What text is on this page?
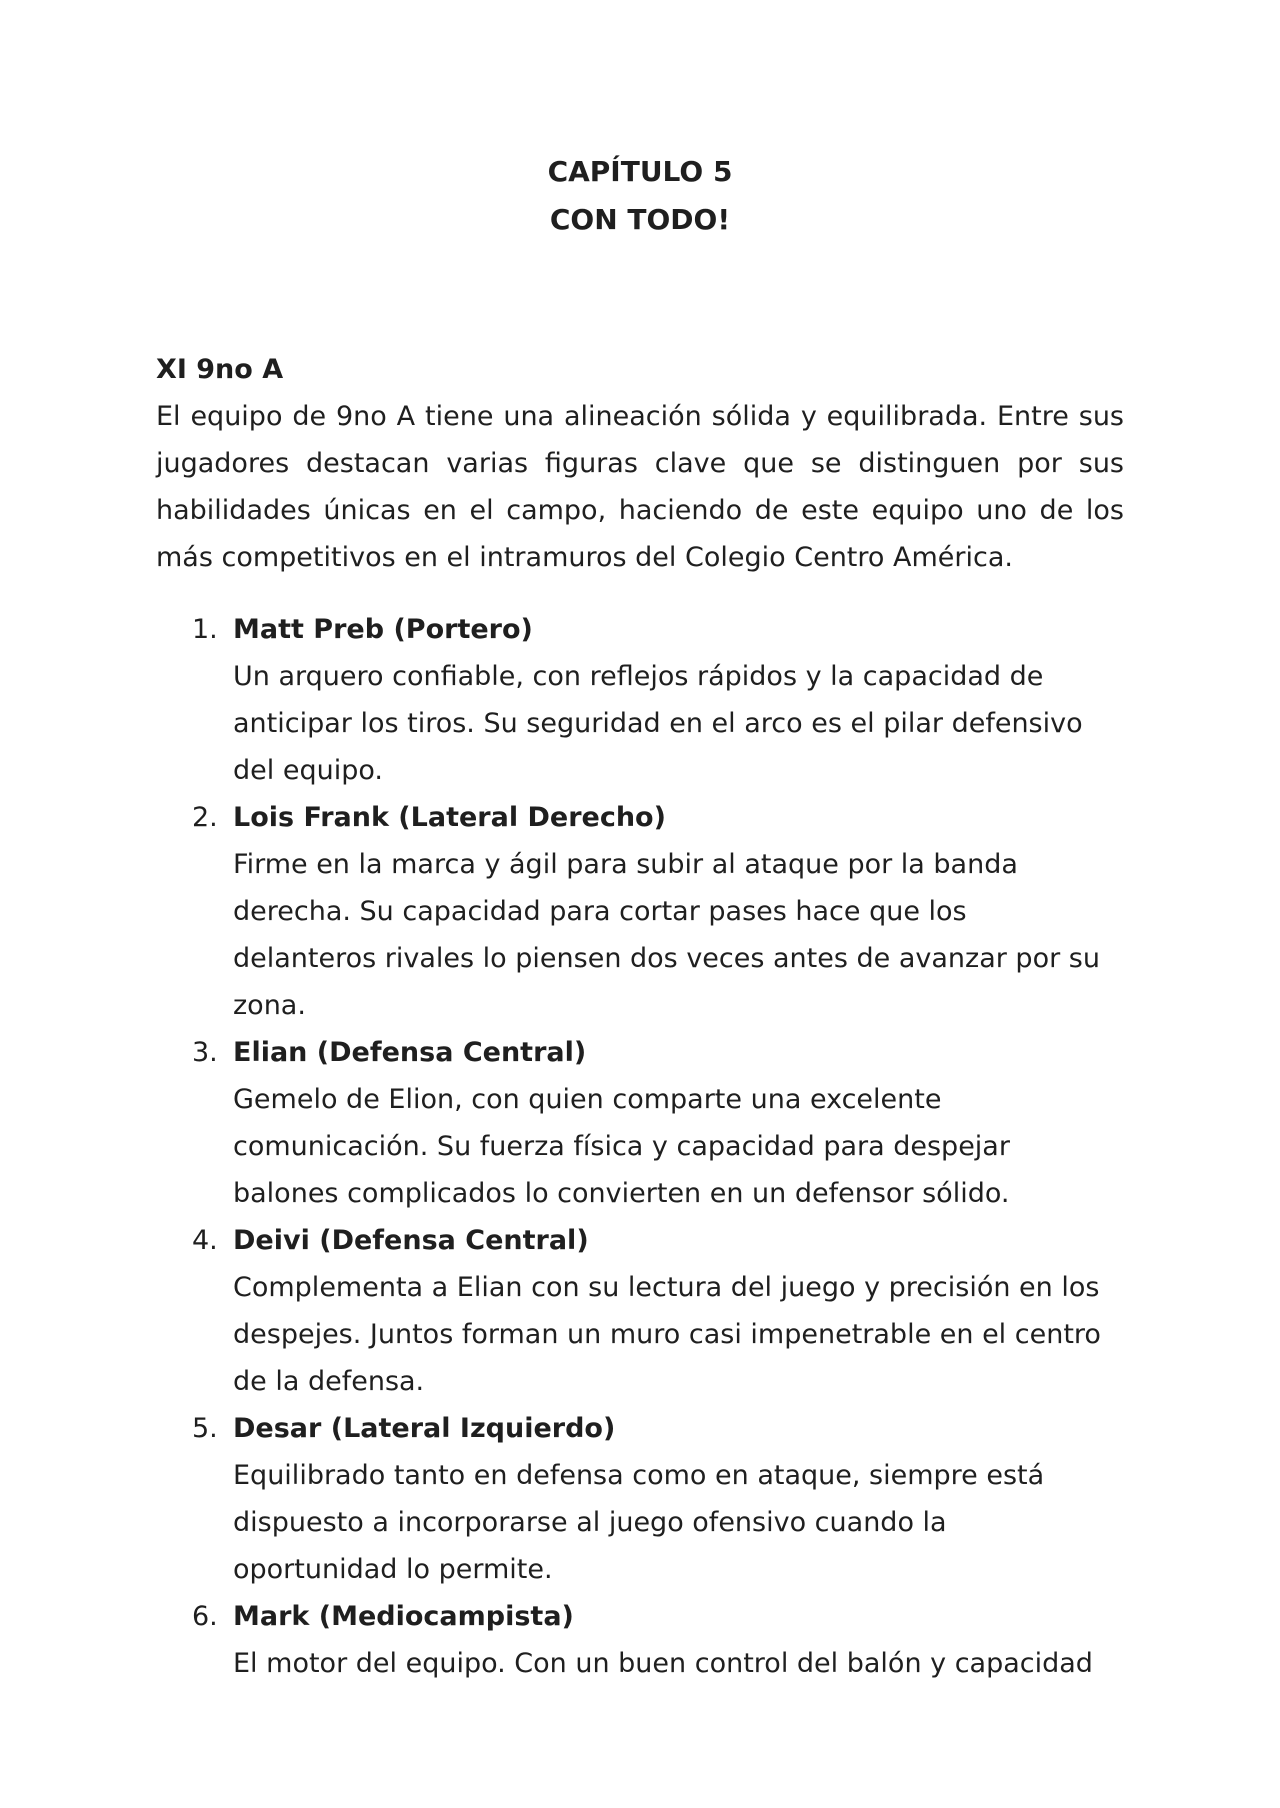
CAPÍTULO 5
CON TODO!

XI 9no A

El equipo de 9no A tiene una alineación sólida y equilibrada. Entre sus jugadores destacan varias figuras clave que se distinguen por sus habilidades únicas en el campo, haciendo de este equipo uno de los más competitivos en el intramuros del Colegio Centro América.

1. Matt Preb (Portero)
Un arquero confiable, con reflejos rápidos y la capacidad de anticipar los tiros. Su seguridad en el arco es el pilar defensivo del equipo.
2. Lois Frank (Lateral Derecho)
Firme en la marca y ágil para subir al ataque por la banda derecha. Su capacidad para cortar pases hace que los delanteros rivales lo piensen dos veces antes de avanzar por su zona.
3. Elian (Defensa Central)
Gemelo de Elion, con quien comparte una excelente comunicación. Su fuerza física y capacidad para despejar balones complicados lo convierten en un defensor sólido.
4. Deivi (Defensa Central)
Complementa a Elian con su lectura del juego y precisión en los despejes. Juntos forman un muro casi impenetrable en el centro de la defensa.
5. Desar (Lateral Izquierdo)
Equilibrado tanto en defensa como en ataque, siempre está dispuesto a incorporarse al juego ofensivo cuando la oportunidad lo permite.
6. Mark (Mediocampista)
El motor del equipo. Con un buen control del balón y capacidad
